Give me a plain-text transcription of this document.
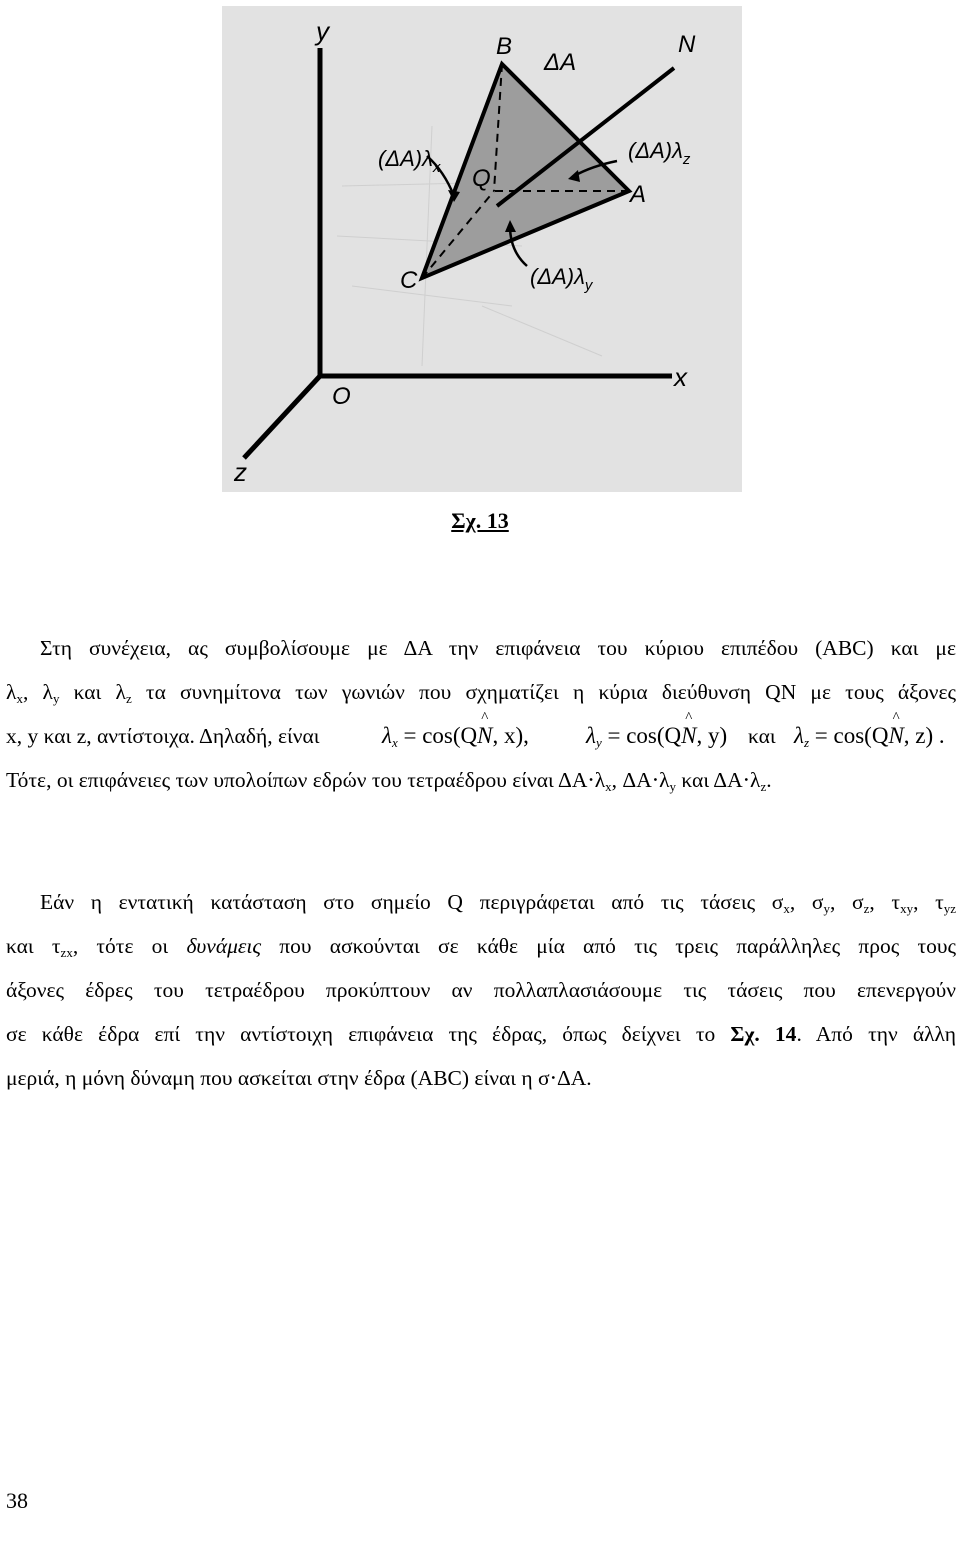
y
x
z
O
B
ΔA
N
Q
A
C
$(\Delta A)\lambda_x$
$(\Delta A)\lambda_z$
$(\Delta A)\lambda_y$
Σχ. 13
Στη συνέχεια, ας συμβολίσουμε με ΔΑ την επιφάνεια του κύριου επιπέδου (ΑΒC) και με
$\lambda_x$, $\lambda_y$ και $\lambda_z$ τα συνημίτονα των γωνιών που σχηματίζει η κύρια διεύθυνση QN με τους άξονες
x, y και z, αντίστοιχα. Δηλαδή, είναι	$\lambda_x$ = cos(Q^ N, x), $\lambda_y$ = cos(Q^ N, y) και $\lambda_z$ = cos(Q^ N, z) .
Τότε, οι επιφάνειες των υπολοίπων εδρών του τετραέδρου είναι $\Delta A\cdot\lambda_x$, $\Delta A\cdot\lambda_y$ και $\Delta A\cdot\lambda_z$.
Εάν η εντατική κατάσταση στο σημείο Q περιγράφεται από τις τάσεις $\sigma_x$, $\sigma_y$, $\sigma_z$, $\tau_{xy}$, $\tau_{yz}$
και $\tau_{zx}$, τότε οι δυνάμεις που ασκούνται σε κάθε μία από τις τρεις παράλληλες προς τους
άξονες έδρες του τετραέδρου προκύπτουν αν πολλαπλασιάσουμε τις τάσεις που επενεργούν
σε κάθε έδρα επί την αντίστοιχη επιφάνεια της έδρας, όπως δείχνει το Σχ. 14. Από την άλλη
μεριά, η μόνη δύναμη που ασκείται στην έδρα (ABC) είναι η σ⋅ΔΑ.
38
